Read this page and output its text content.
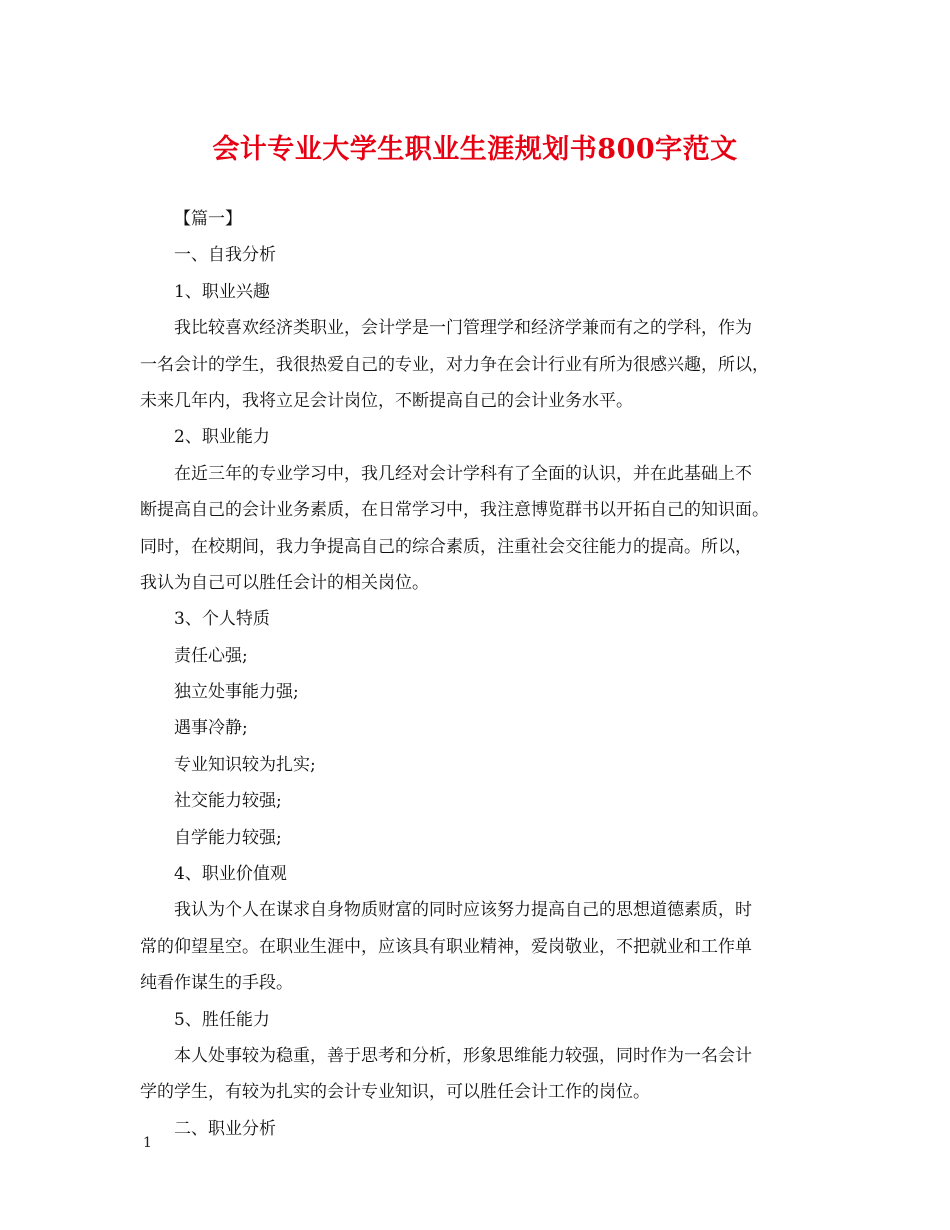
会计专业大学生职业生涯规划书800字范文

【篇一】

一、自我分析

1、职业兴趣

我比较喜欢经济类职业，会计学是一门管理学和经济学兼而有之的学科，作为

一名会计的学生，我很热爱自己的专业，对力争在会计行业有所为很感兴趣，所以，

未来几年内，我将立足会计岗位，不断提高自己的会计业务水平。

2、职业能力

在近三年的专业学习中，我几经对会计学科有了全面的认识，并在此基础上不

断提高自己的会计业务素质，在日常学习中，我注意博览群书以开拓自己的知识面。

同时，在校期间，我力争提高自己的综合素质，注重社会交往能力的提高。所以，

我认为自己可以胜任会计的相关岗位。

3、个人特质

责任心强;

独立处事能力强;

遇事冷静;

专业知识较为扎实;

社交能力较强;

自学能力较强;

4、职业价值观

我认为个人在谋求自身物质财富的同时应该努力提高自己的思想道德素质，时

常的仰望星空。在职业生涯中，应该具有职业精神，爱岗敬业，不把就业和工作单

纯看作谋生的手段。

5、胜任能力

本人处事较为稳重，善于思考和分析，形象思维能力较强，同时作为一名会计

学的学生，有较为扎实的会计专业知识，可以胜任会计工作的岗位。

二、职业分析

1
